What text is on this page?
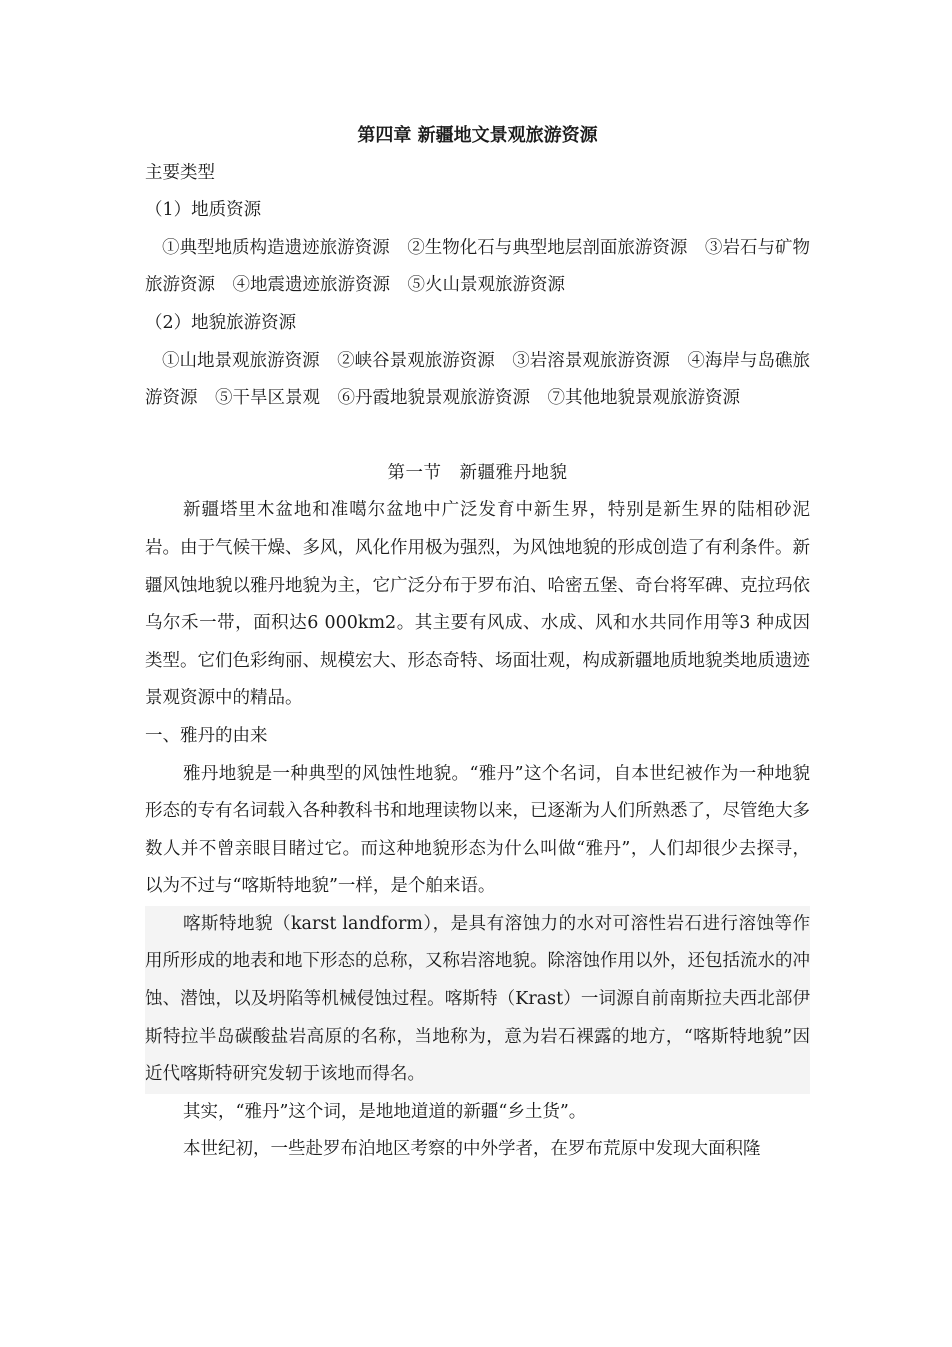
第四章 新疆地文景观旅游资源

主要类型

（1）地质资源

①典型地质构造遗迹旅游资源　②生物化石与典型地层剖面旅游资源　③岩石与矿物旅游资源　④地震遗迹旅游资源　⑤火山景观旅游资源

（2）地貌旅游资源

①山地景观旅游资源　②峡谷景观旅游资源　③岩溶景观旅游资源　④海岸与岛礁旅游资源　⑤干旱区景观　⑥丹霞地貌景观旅游资源　⑦其他地貌景观旅游资源

第一节 新疆雅丹地貌

新疆塔里木盆地和准噶尔盆地中广泛发育中新生界，特别是新生界的陆相砂泥岩。由于气候干燥、多风，风化作用极为强烈，为风蚀地貌的形成创造了有利条件。新疆风蚀地貌以雅丹地貌为主，它广泛分布于罗布泊、哈密五堡、奇台将军碑、克拉玛依乌尔禾一带，面积达6 000km2。其主要有风成、水成、风和水共同作用等3 种成因类型。它们色彩绚丽、规模宏大、形态奇特、场面壮观，构成新疆地质地貌类地质遗迹景观资源中的精品。

一、雅丹的由来

雅丹地貌是一种典型的风蚀性地貌。“雅丹”这个名词，自本世纪被作为一种地貌形态的专有名词载入各种教科书和地理读物以来，已逐渐为人们所熟悉了，尽管绝大多数人并不曾亲眼目睹过它。而这种地貌形态为什么叫做“雅丹”，人们却很少去探寻，以为不过与“喀斯特地貌”一样，是个舶来语。

喀斯特地貌（karst landform），是具有溶蚀力的水对可溶性岩石进行溶蚀等作用所形成的地表和地下形态的总称，又称岩溶地貌。除溶蚀作用以外，还包括流水的冲蚀、潜蚀，以及坍陷等机械侵蚀过程。喀斯特（Krast）一词源自前南斯拉夫西北部伊斯特拉半岛碳酸盐岩高原的名称，当地称为，意为岩石裸露的地方，“喀斯特地貌”因近代喀斯特研究发轫于该地而得名。

其实，“雅丹”这个词，是地地道道的新疆“乡土货”。

本世纪初，一些赴罗布泊地区考察的中外学者，在罗布荒原中发现大面积隆
